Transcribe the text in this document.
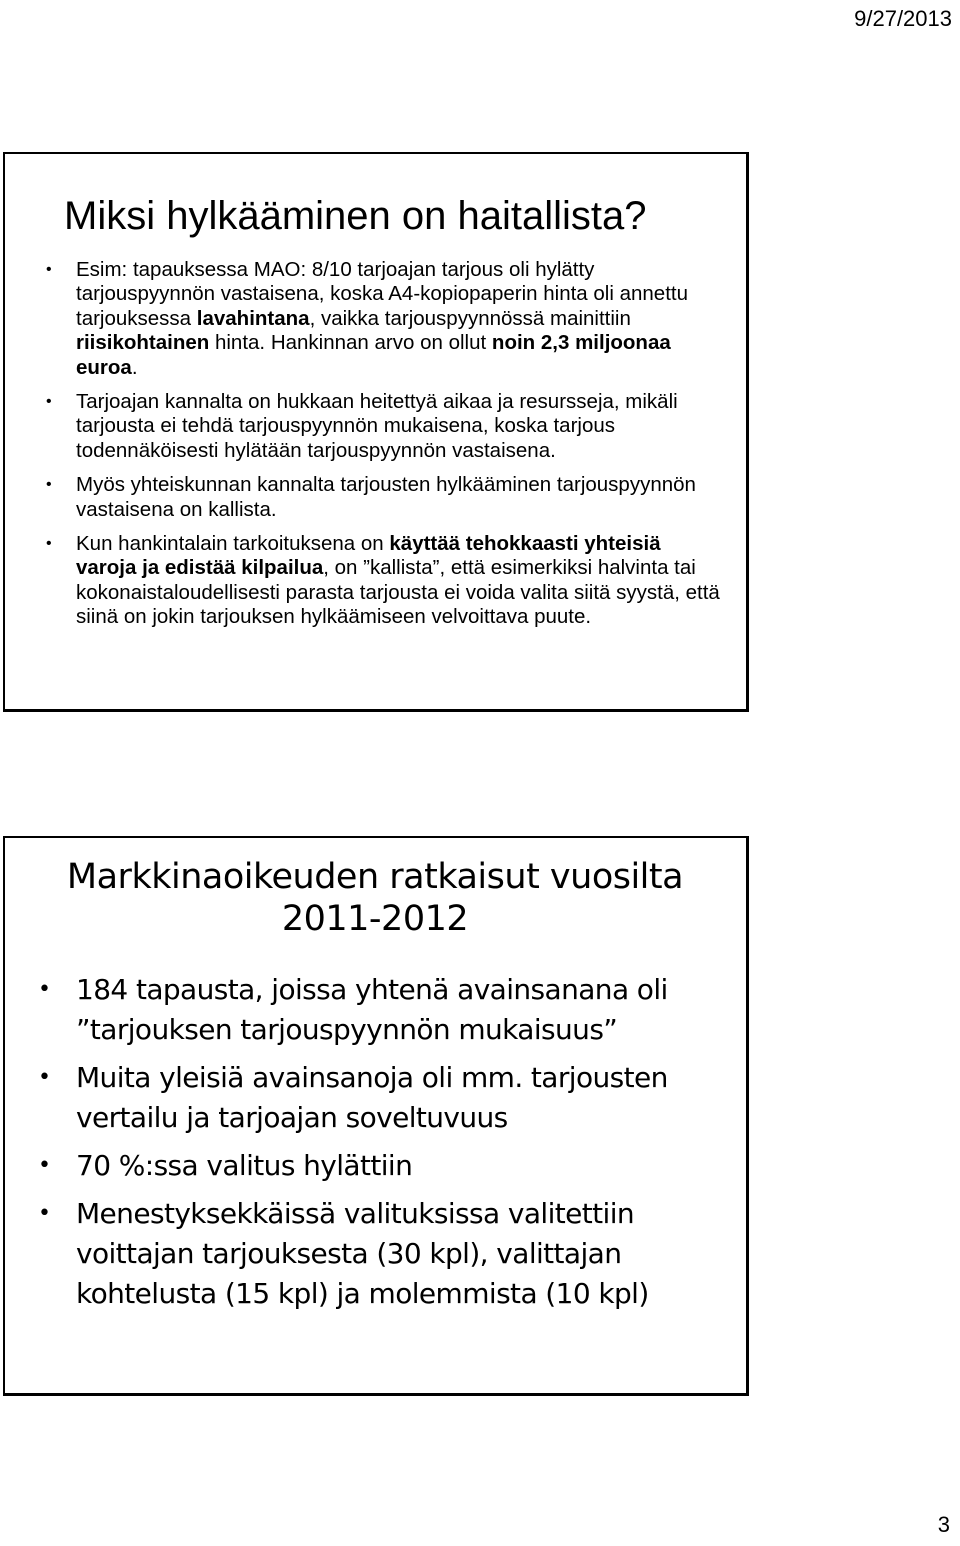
9/27/2013
Miksi hylkääminen on haitallista?
• Esim: tapauksessa MAO: 8/10 tarjoajan tarjous oli hylätty tarjouspyynnön vastaisena, koska A4-kopiopaperin hinta oli annettu tarjouksessa lavahintana, vaikka tarjouspyynnössä mainittiin riisikohtainen hinta. Hankinnan arvo on ollut noin 2,3 miljoonaa euroa.
• Tarjoajan kannalta on hukkaan heitettyä aikaa ja resursseja, mikäli tarjousta ei tehdä tarjouspyynnön mukaisena, koska tarjous todennäköisesti hylätään tarjouspyynnön vastaisena.
• Myös yhteiskunnan kannalta tarjousten hylkääminen tarjouspyynnön vastaisena on kallista.
• Kun hankintalain tarkoituksena on käyttää tehokkaasti yhteisiä varoja ja edistää kilpailua, on ”kallista”, että esimerkiksi halvinta tai kokonaistaloudellisesti parasta tarjousta ei voida valita siitä syystä, että siinä on jokin tarjouksen hylkäämiseen velvoittava puute.
Markkinaoikeuden ratkaisut vuosilta
2011-2012
• 184 tapausta, joissa yhtenä avainsanana oli ”tarjouksen tarjouspyynnön mukaisuus”
• Muita yleisiä avainsanoja oli mm. tarjousten vertailu ja tarjoajan soveltuvuus
• 70 %:ssa valitus hylättiin
• Menestyksekkäissä valituksissa valitettiin voittajan tarjouksesta (30 kpl), valittajan kohtelusta (15 kpl) ja molemmista (10 kpl)
3
